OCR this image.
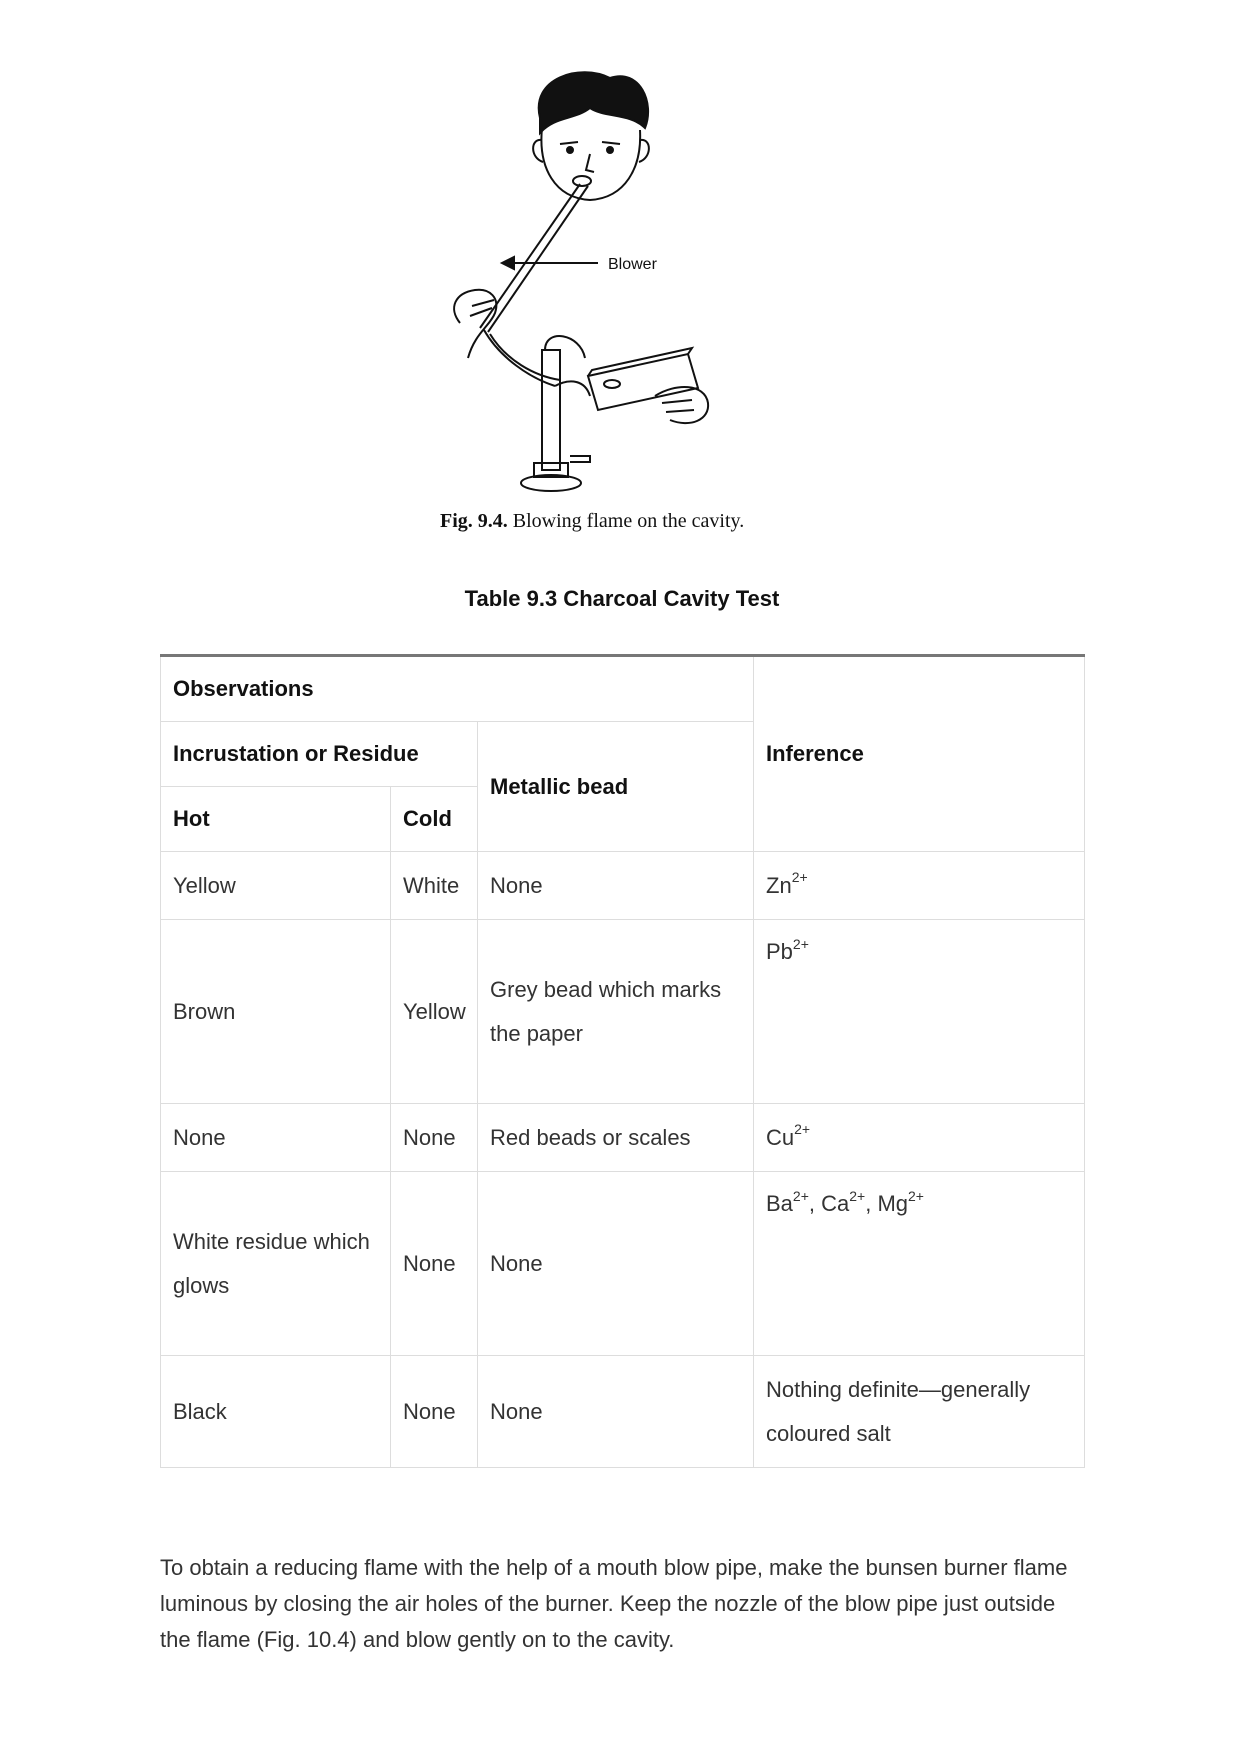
Blower
Fig. 9.4. Blowing flame on the cavity.
Table 9.3 Charcoal Cavity Test
Observations			Inference
Incrustation or Residue		Metallic bead	
Hot	Cold		
Yellow	White	None	$Zn^{2+}$
Brown	Yellow	Grey bead which marks the paper	$Pb^{2+}$
None	None	Red beads or scales	$Cu^{2+}$
White residue which glows	None	None	$Ba^{2+}$, $Ca^{2+}$, $Mg^{2+}$
Black	None	None	Nothing definite—generally coloured salt

To obtain a reducing flame with the help of a mouth blow pipe, make the bunsen burner flame luminous by closing the air holes of the burner. Keep the nozzle of the blow pipe just outside the flame (Fig. 10.4) and blow gently on to the cavity.
